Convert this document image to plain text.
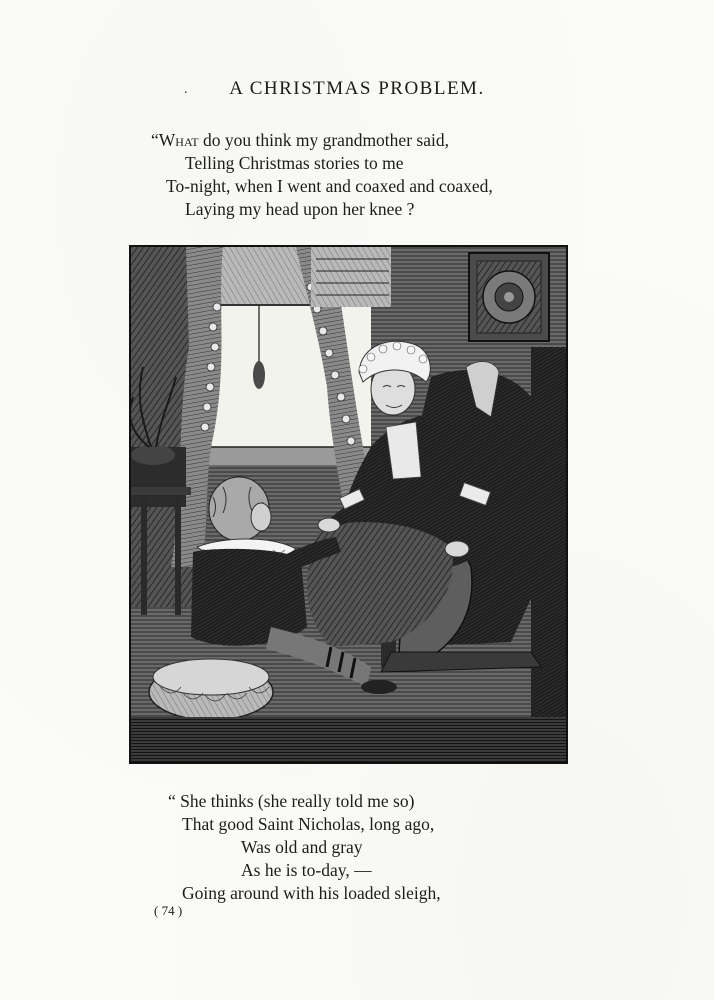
. A CHRISTMAS PROBLEM.
“What do you think my grandmother said,
Telling Christmas stories to me
To-night, when I went and coaxed and coaxed,
Laying my head upon her knee ?
“ She thinks (she really told me so)
That good Saint Nicholas, long ago,
Was old and gray
As he is to-day, —
Going around with his loaded sleigh,
( 74 )
